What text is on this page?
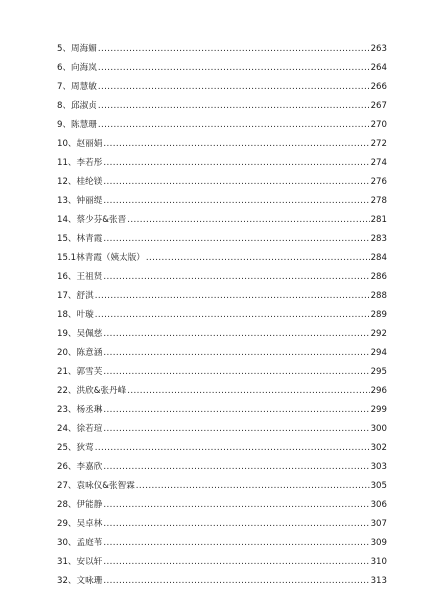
5、周海媚 .....	263
6、向海岚 .....	264
7、周慧敏 .....	266
8、邱淑贞 .....	267
9、陈慧珊 .....	270
10、赵丽娟 .....	272
11、李若彤 .....	274
12、桂纶镁 .....	276
13、钟丽缇 .....	278
14、蔡少芬&张晋 .....	281
15、林青霞 .....	283
15.1林青霞（姨太版） .....	284
16、王祖贤 .....	286
17、舒淇 .....	288
18、叶璇 .....	289
19、吴佩慈 .....	292
20、陈意涵 .....	294
21、郭雪芙 .....	295
22、洪欣&张丹峰 .....	296
23、杨丞琳 .....	299
24、徐若瑄 .....	300
25、狄莺 .....	302
26、李嘉欣 .....	303
27、袁咏仪&张智霖 .....	305
28、伊能静 .....	306
29、吴卓林 .....	307
30、孟庭苇 .....	309
31、安以轩 .....	310
32、文咏珊 .....	313
